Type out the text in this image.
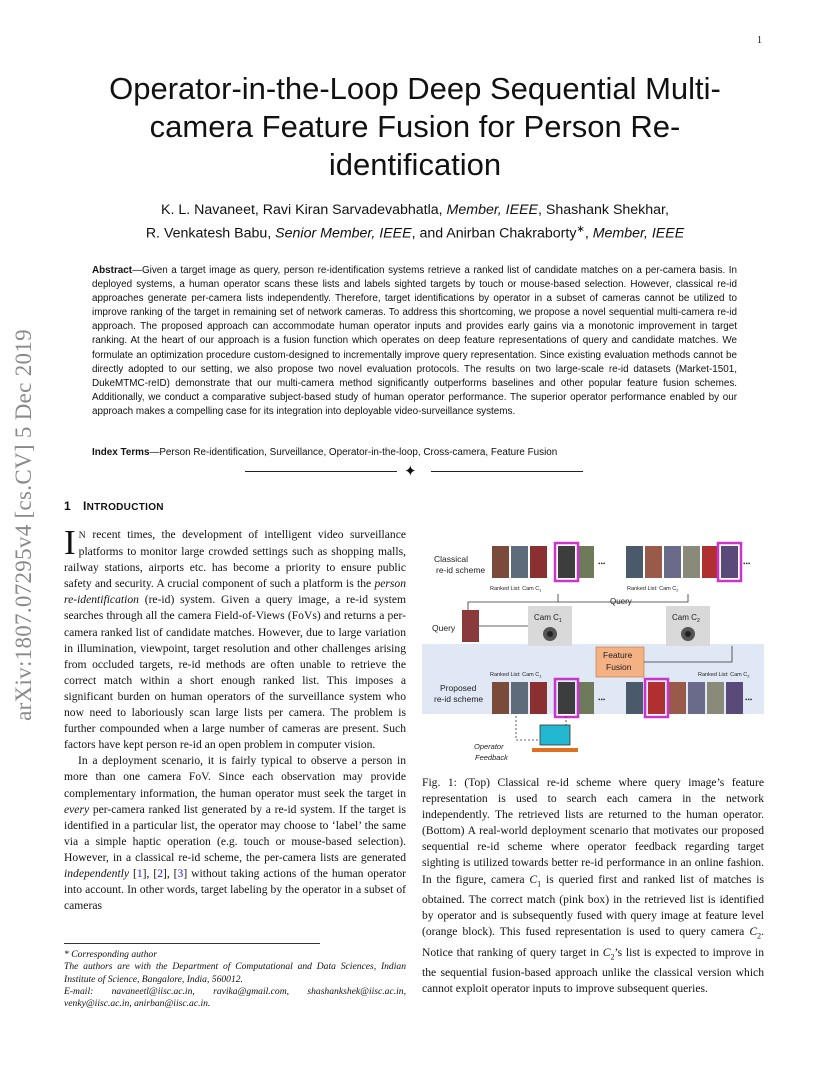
1
arXiv:1807.07295v4 [cs.CV] 5 Dec 2019
Operator-in-the-Loop Deep Sequential Multi-camera Feature Fusion for Person Re-identification
K. L. Navaneet, Ravi Kiran Sarvadevabhatla, Member, IEEE, Shashank Shekhar,
R. Venkatesh Babu, Senior Member, IEEE, and Anirban Chakraborty∗, Member, IEEE
Abstract—Given a target image as query, person re-identification systems retrieve a ranked list of candidate matches on a per-camera basis. In deployed systems, a human operator scans these lists and labels sighted targets by touch or mouse-based selection. However, classical re-id approaches generate per-camera lists independently. Therefore, target identifications by operator in a subset of cameras cannot be utilized to improve ranking of the target in remaining set of network cameras. To address this shortcoming, we propose a novel sequential multi-camera re-id approach. The proposed approach can accommodate human operator inputs and provides early gains via a monotonic improvement in target ranking. At the heart of our approach is a fusion function which operates on deep feature representations of query and candidate matches. We formulate an optimization procedure custom-designed to incrementally improve query representation. Since existing evaluation methods cannot be directly adopted to our setting, we also propose two novel evaluation protocols. The results on two large-scale re-id datasets (Market-1501, DukeMTMC-reID) demonstrate that our multi-camera method significantly outperforms baselines and other popular feature fusion schemes. Additionally, we conduct a comparative subject-based study of human operator performance. The superior operator performance enabled by our approach makes a compelling case for its integration into deployable video-surveillance systems.
Index Terms—Person Re-identification, Surveillance, Operator-in-the-loop, Cross-camera, Feature Fusion
✦
1 INTRODUCTION

I N recent times, the development of intelligent video surveillance platforms to monitor large crowded settings such as shopping malls, railway stations, airports etc. has become a priority to ensure public safety and security. A crucial component of such a platform is the person re-identification (re-id) system. Given a query image, a re-id system searches through all the camera Field-of-Views (FoVs) and returns a per-camera ranked list of candidate matches. However, due to large variation in illumination, viewpoint, target resolution and other challenges arising from occluded targets, re-id methods are often unable to retrieve the correct match within a short enough ranked list. This imposes a significant burden on human operators of the surveillance system who now need to laboriously scan large lists per camera. The problem is further compounded when a large number of cameras are present. Such factors have kept person re-id an open problem in computer vision.

In a deployment scenario, it is fairly typical to observe a person in more than one camera FoV. Since each observation may provide complementary information, the human operator must seek the target in every per-camera ranked list generated by a re-id system. If the target is identified in a particular list, the operator may choose to ‘label’ the same via a simple haptic operation (e.g. touch or mouse-based selection). However, in a classical re-id scheme, the per-camera lists are generated independently [1], [2], [3] without taking actions of the human operator into account. In other words, target labeling by the operator in a subset of cameras

* Corresponding author

The authors are with the Department of Computational and Data Sciences, Indian Institute of Science, Bangalore, India, 560012.

E-mail: navaneetl@iisc.ac.in, ravika@gmail.com, shashankshek@iisc.ac.in, venky@iisc.ac.in, anirban@iisc.ac.in.

Classical
re-id scheme
•••	•••
Ranked List: Cam $C_1$	Ranked List: Cam $C_2$
Query
Query
Cam $C_1$	Cam $C_2$
Feature
Fusion
Proposed
re-id scheme
Ranked List: Cam $C_1$	Ranked List: Cam $C_2$
•••	•••
Operator
Feedback
Fig. 1: (Top) Classical re-id scheme where query image’s feature representation is used to search each camera in the network independently. The retrieved lists are returned to the human operator. (Bottom) A real-world deployment scenario that motivates our proposed sequential re-id scheme where operator feedback regarding target sighting is utilized towards better re-id performance in an online fashion. In the figure, camera $C_1$ is queried first and ranked list of matches is obtained. The correct match (pink box) in the retrieved list is identified by operator and is subsequently fused with query image at feature level (orange block). This fused representation is used to query camera $C_2$. Notice that ranking of query target in $C_2’s$ list is expected to improve in the sequential fusion-based approach unlike the classical version which cannot exploit operator inputs to improve subsequent queries.
